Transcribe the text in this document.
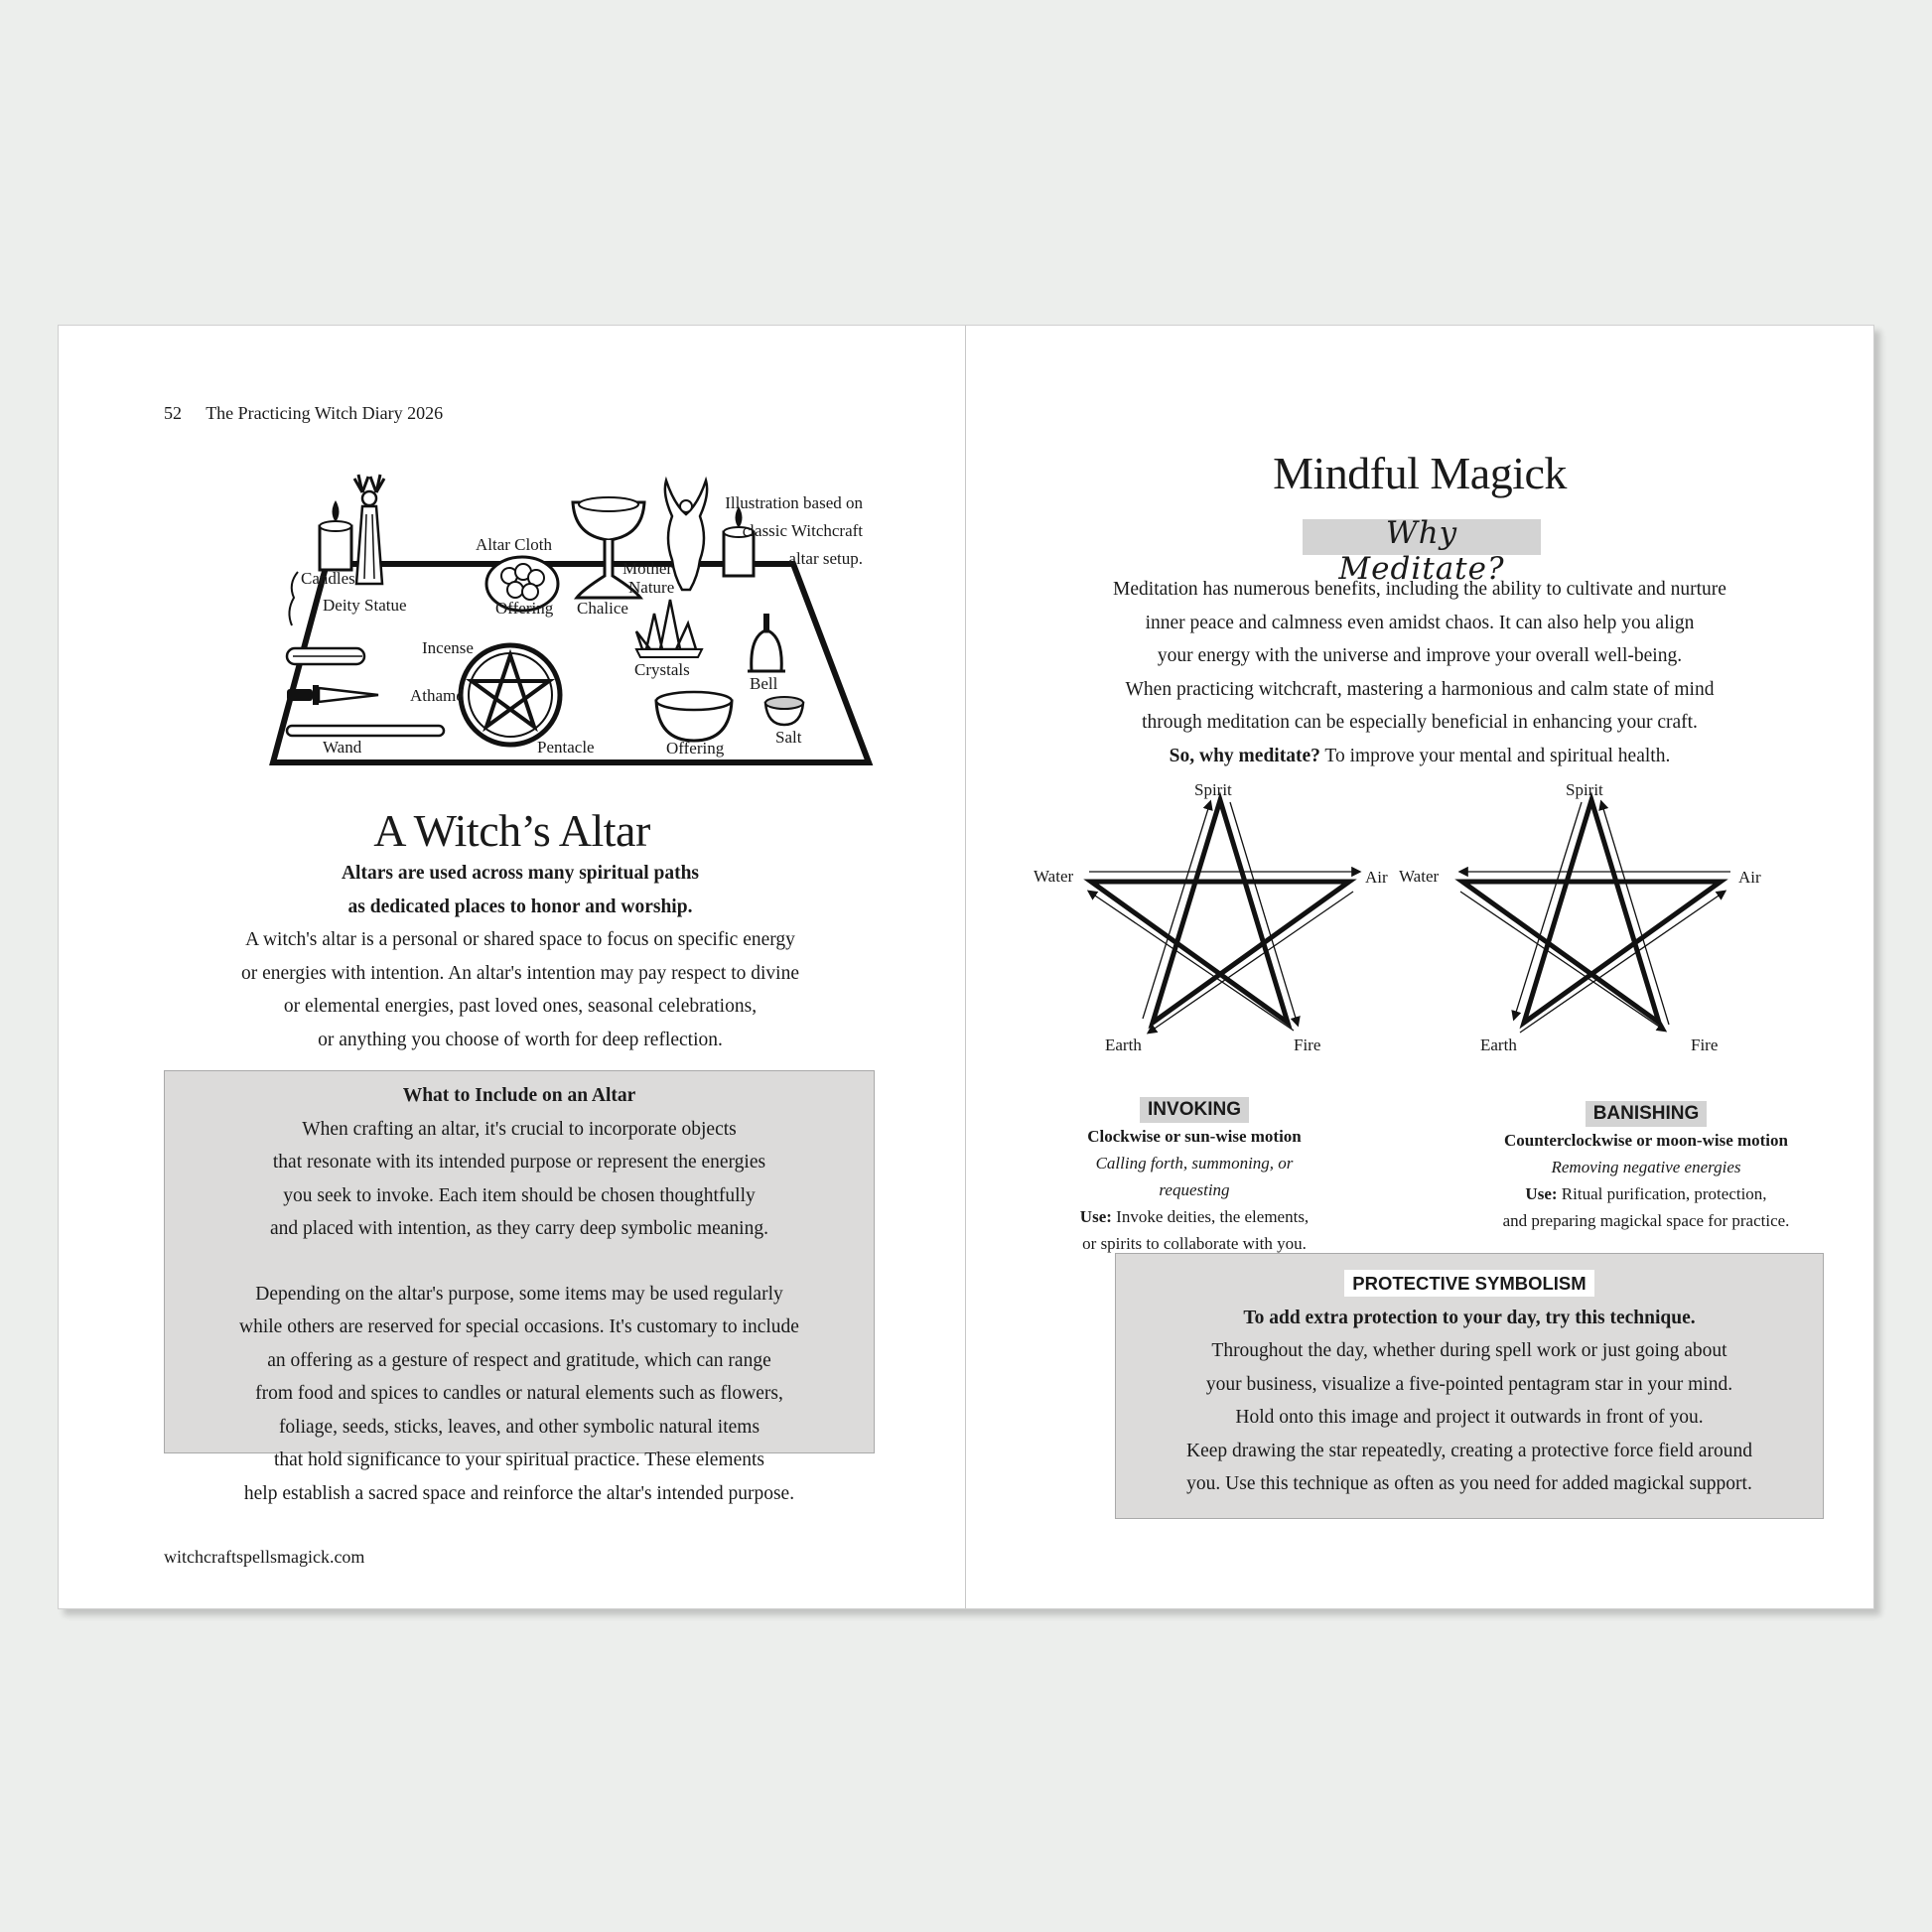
52 The Practicing Witch Diary 2026
Altar Cloth
Candles
Deity Statue	Offering Chalice
Mother
Nature
Crystals
Bell
Incense
Athamé
Wand	Pentacle	Offering
Salt
Illustration based on
classic Witchcraft
altar setup.
A Witch’s Altar
Altars are used across many spiritual paths
as dedicated places to honor and worship.
A witch's altar is a personal or shared space to focus on specific energy
or energies with intention. An altar's intention may pay respect to divine
or elemental energies, past loved ones, seasonal celebrations,
or anything you choose of worth for deep reflection.
What to Include on an Altar
When crafting an altar, it's crucial to incorporate objects
that resonate with its intended purpose or represent the energies
you seek to invoke. Each item should be chosen thoughtfully
and placed with intention, as they carry deep symbolic meaning.
Depending on the altar's purpose, some items may be used regularly
while others are reserved for special occasions. It's customary to include
an offering as a gesture of respect and gratitude, which can range
from food and spices to candles or natural elements such as flowers,
foliage, seeds, sticks, leaves, and other symbolic natural items
that hold significance to your spiritual practice. These elements
help establish a sacred space and reinforce the altar's intended purpose.
witchcraftspellsmagick.com
Mindful Magick
Why Meditate?
Meditation has numerous benefits, including the ability to cultivate and nurture
inner peace and calmness even amidst chaos. It can also help you align
your energy with the universe and improve your overall well-being.
When practicing witchcraft, mastering a harmonious and calm state of mind
through meditation can be especially beneficial in enhancing your craft.
So, why meditate? To improve your mental and spiritual health.
Spirit
Water	Air
Earth	Fire
Spirit
Water	Air
Earth	Fire
INVOKING
Clockwise or sun-wise motion
Calling forth, summoning, or requesting
Use: Invoke deities, the elements,
or spirits to collaborate with you.
BANISHING
Counterclockwise or moon-wise motion
Removing negative energies
Use: Ritual purification, protection,
and preparing magickal space for practice.
PROTECTIVE SYMBOLISM
To add extra protection to your day, try this technique.
Throughout the day, whether during spell work or just going about
your business, visualize a five-pointed pentagram star in your mind.
Hold onto this image and project it outwards in front of you.
Keep drawing the star repeatedly, creating a protective force field around
you. Use this technique as often as you need for added magickal support.
